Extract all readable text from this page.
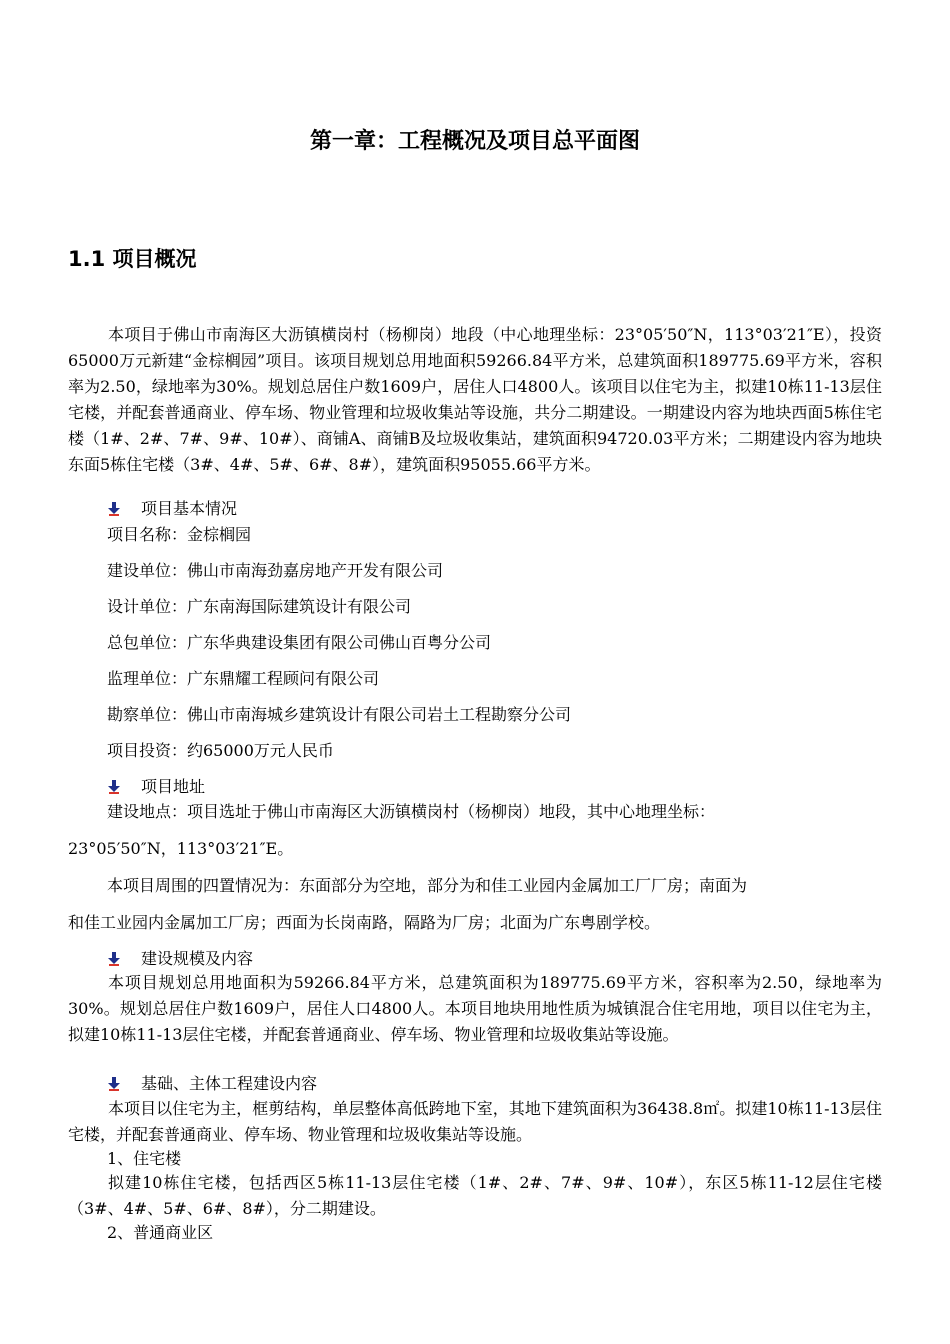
第一章：工程概况及项目总平面图
1.1 项目概况
本项目于佛山市南海区大沥镇横岗村（杨柳岗）地段（中心地理坐标：23°05′50″N，113°03′21″E），投资65000万元新建“金棕榈园”项目。该项目规划总用地面积59266.84平方米，总建筑面积189775.69平方米，容积率为2.50，绿地率为30%。规划总居住户数1609户，居住人口4800人。该项目以住宅为主，拟建10栋11-13层住宅楼，并配套普通商业、停车场、物业管理和垃圾收集站等设施，共分二期建设。一期建设内容为地块西面5栋住宅楼（1#、2#、7#、9#、10#）、商铺A、商铺B及垃圾收集站，建筑面积94720.03平方米；二期建设内容为地块东面5栋住宅楼（3#、4#、5#、6#、8#），建筑面积95055.66平方米。
项目基本情况
项目名称：金棕榈园
建设单位：佛山市南海劲嘉房地产开发有限公司
设计单位：广东南海国际建筑设计有限公司
总包单位：广东华典建设集团有限公司佛山百粤分公司
监理单位：广东鼎耀工程顾问有限公司
勘察单位：佛山市南海城乡建筑设计有限公司岩土工程勘察分公司
项目投资：约65000万元人民币
项目地址
建设地点：项目选址于佛山市南海区大沥镇横岗村（杨柳岗）地段，其中心地理坐标：
23°05′50″N，113°03′21″E。
本项目周围的四置情况为：东面部分为空地，部分为和佳工业园内金属加工厂厂房；南面为
和佳工业园内金属加工厂房；西面为长岗南路，隔路为厂房；北面为广东粤剧学校。
建设规模及内容
本项目规划总用地面积为59266.84平方米，总建筑面积为189775.69平方米，容积率为2.50，绿地率为30%。规划总居住户数1609户，居住人口4800人。本项目地块用地性质为城镇混合住宅用地，项目以住宅为主，拟建10栋11-13层住宅楼，并配套普通商业、停车场、物业管理和垃圾收集站等设施。
基础、主体工程建设内容
本项目以住宅为主，框剪结构，单层整体高低跨地下室，其地下建筑面积为36438.8㎡。拟建10栋11-13层住宅楼，并配套普通商业、停车场、物业管理和垃圾收集站等设施。
1、住宅楼
拟建10栋住宅楼，包括西区5栋11-13层住宅楼（1#、2#、7#、9#、10#），东区5栋11-12层住宅楼（3#、4#、5#、6#、8#），分二期建设。
2、普通商业区
